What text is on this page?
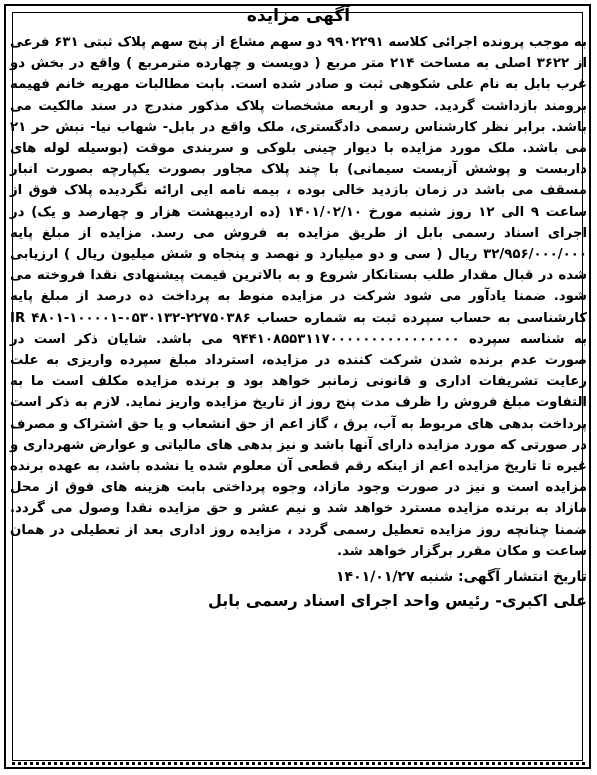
آگهی مزایده

به موجب پرونده اجرائی کلاسه ۹۹۰۲۲۹۱ دو سهم مشاع از پنج سهم پلاک ثبتی ۶۳۱ فرعی از ۳۶۲۲ اصلی به مساحت ۲۱۴ متر مربع ( دویست و چهارده مترمربع ) واقع در بخش دو غرب بابل به نام علی شکوهی ثبت و صادر شده است. بابت مطالبات مهریه خانم فهیمه برومند بازداشت گردید. حدود و اربعه مشخصات پلاک مذکور مندرج در سند مالکیت می باشد. برابر نظر کارشناس رسمی دادگستری، ملک واقع در بابل- شهاب نیا- نبش حر ۲۱ می باشد. ملک مورد مزایده با دیوار چینی بلوکی و سربندی موقت (بوسیله لوله های داربست و پوشش آزبست سیمانی) با چند پلاک مجاور بصورت یکپارچه بصورت انبار مسقف می باشد در زمان بازدید خالی بوده ، بیمه نامه ایی ارائه نگردیده پلاک فوق از ساعت ۹ الی ۱۲ روز شنبه مورخ ۱۴۰۱/۰۲/۱۰ (ده اردیبهشت هزار و چهارصد و یک) در اجرای اسناد رسمی بابل از طریق مزایده به فروش می رسد. مزایده از مبلغ پایه ۳۲/۹۵۶/۰۰۰/۰۰۰ ریال ( سی و دو میلیارد و نهصد و پنجاه و شش میلیون ریال ) ارزیابی شده در قبال مقدار طلب بستانکار شروع و به بالاترین قیمت پیشنهادی نقدا فروخته می شود. ضمنا یادآور می شود شرکت در مزایده منوط به پرداخت ده درصد از مبلغ پایه کارشناسی به حساب سپرده ثبت به شماره حساب ۲۲۷۵۰۳۸۶-۰۵۳۰۱۳۲-۱۰۰۰۰۱-۴۸۰۱ IR به شناسه سپرده ۹۴۴۱۰۸۵۵۳۱۱۷۰۰۰۰۰۰۰۰۰۰۰۰۰۰۰۰ می باشد. شایان ذکر است در صورت عدم برنده شدن شرکت کننده در مزایده، استرداد مبلغ سپرده واریزی به علت رعایت تشریفات اداری و قانونی زمانبر خواهد بود و برنده مزایده مکلف است ما به التفاوت مبلغ فروش را ظرف مدت پنج روز از تاریخ مزایده واریز نماید. لازم به ذکر است پرداخت بدهی های مربوط به آب، برق ، گاز اعم از حق انشعاب و یا حق اشتراک و مصرف در صورتی که مورد مزایده دارای آنها باشد و نیز بدهی های مالیاتی و عوارض شهرداری و غیره تا تاریخ مزایده اعم از اینکه رقم قطعی آن معلوم شده یا نشده باشد، به عهده برنده مزایده است و نیز در صورت وجود مازاد، وجوه پرداختی بابت هزینه های فوق از محل مازاد به برنده مزایده مسترد خواهد شد و نیم عشر و حق مزایده نقدا وصول می گردد. ضمنا چنانچه روز مزایده تعطیل رسمی گردد ، مزایده روز اداری بعد از تعطیلی در همان ساعت و مکان مقرر برگزار خواهد شد.

تاریخ انتشار آگهی: شنبه ۱۴۰۱/۰۱/۲۷
علی اکبری- رئیس واحد اجرای اسناد رسمی بابل
